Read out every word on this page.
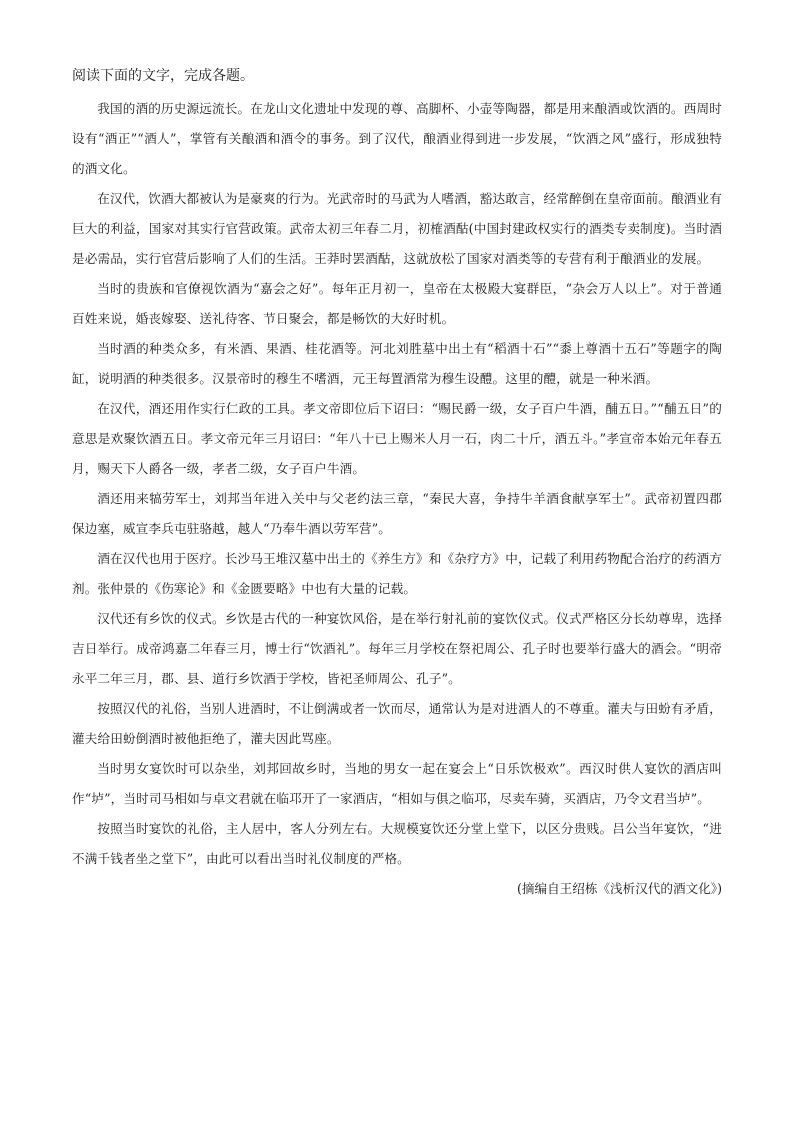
阅读下面的文字，完成各题。

我国的酒的历史源远流长。在龙山文化遗址中发现的尊、高脚杯、小壶等陶器，都是用来酿酒或饮酒的。西周时设有“酒正”“酒人”，掌管有关酿酒和酒令的事务。到了汉代，酿酒业得到进一步发展，“饮酒之风”盛行，形成独特的酒文化。

在汉代，饮酒大都被认为是豪爽的行为。光武帝时的马武为人嗜酒，豁达敢言，经常醉倒在皇帝面前。酿酒业有巨大的利益，国家对其实行官营政策。武帝太初三年春二月，初榷酒酤(中国封建政权实行的酒类专卖制度)。当时酒是必需品，实行官营后影响了人们的生活。王莽时罢酒酤，这就放松了国家对酒类等的专营有利于酿酒业的发展。

当时的贵族和官僚视饮酒为“嘉会之好”。每年正月初一，皇帝在太极殿大宴群臣，“杂会万人以上”。对于普通百姓来说，婚丧嫁娶、送礼待客、节日聚会，都是畅饮的大好时机。

当时酒的种类众多，有米酒、果酒、桂花酒等。河北刘胜墓中出土有“稻酒十石”“黍上尊酒十五石”等题字的陶缸，说明酒的种类很多。汉景帝时的穆生不嗜酒，元王每置酒常为穆生设醴。这里的醴，就是一种米酒。

在汉代，酒还用作实行仁政的工具。孝文帝即位后下诏曰：“赐民爵一级，女子百户牛酒，酺五日。”“酺五日”的意思是欢聚饮酒五日。孝文帝元年三月诏曰：“年八十已上赐米人月一石，肉二十斤，酒五斗。”孝宣帝本始元年春五月，赐天下人爵各一级，孝者二级，女子百户牛酒。

酒还用来犒劳军士，刘邦当年进入关中与父老约法三章，“秦民大喜，争持牛羊酒食献享军士”。武帝初置四郡保边塞，威宣李兵屯驻骆越，越人“乃奉牛酒以劳军营”。

酒在汉代也用于医疗。长沙马王堆汉墓中出土的《养生方》和《杂疗方》中，记载了利用药物配合治疗的药酒方剂。张仲景的《伤寒论》和《金匮要略》中也有大量的记载。

汉代还有乡饮的仪式。乡饮是古代的一种宴饮风俗，是在举行射礼前的宴饮仪式。仪式严格区分长幼尊卑，选择吉日举行。成帝鸿嘉二年春三月，博士行“饮酒礼”。每年三月学校在祭祀周公、孔子时也要举行盛大的酒会。“明帝永平二年三月，郡、县、道行乡饮酒于学校，皆祀圣师周公、孔子”。

按照汉代的礼俗，当别人进酒时，不让倒满或者一饮而尽，通常认为是对进酒人的不尊重。灌夫与田蚡有矛盾，灌夫给田蚡倒酒时被他拒绝了，灌夫因此骂座。

当时男女宴饮时可以杂坐，刘邦回故乡时，当地的男女一起在宴会上“日乐饮极欢”。西汉时供人宴饮的酒店叫作“垆”，当时司马相如与卓文君就在临邛开了一家酒店，“相如与俱之临邛，尽卖车骑，买酒店，乃令文君当垆”。

按照当时宴饮的礼俗，主人居中，客人分列左右。大规模宴饮还分堂上堂下，以区分贵贱。吕公当年宴饮，“进不满千钱者坐之堂下”，由此可以看出当时礼仪制度的严格。

(摘编自王绍栋《浅析汉代的酒文化》)
